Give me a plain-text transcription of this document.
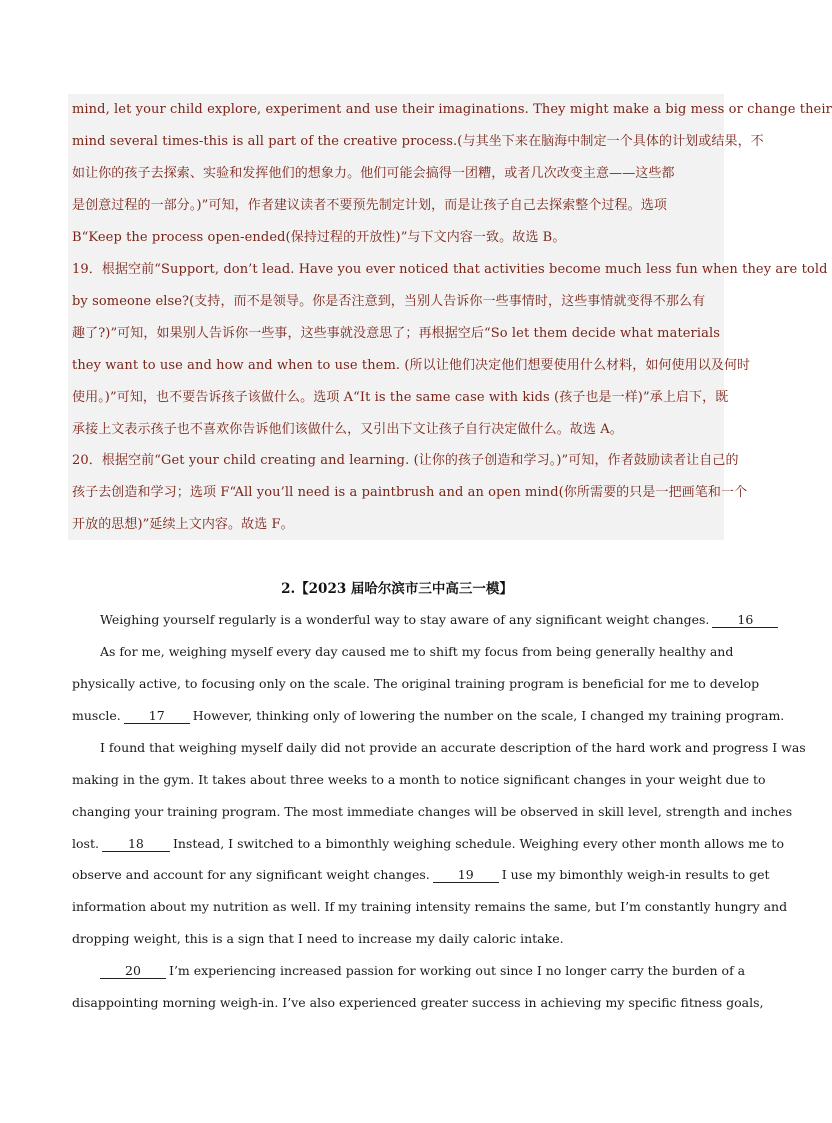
mind, let your child explore, experiment and use their imaginations. They might make a big mess or change their
mind several times-this is all part of the creative process.(与其坐下来在脑海中制定一个具体的计划或结果，不
如让你的孩子去探索、实验和发挥他们的想象力。他们可能会搞得一团糟，或者几次改变主意——这些都
是创意过程的一部分。)”可知，作者建议读者不要预先制定计划，而是让孩子自己去探索整个过程。选项
B“Keep the process open-ended(保持过程的开放性)”与下文内容一致。故选 B。
19．根据空前“Support, don’t lead. Have you ever noticed that activities become much less fun when they are told
by someone else?(支持，而不是领导。你是否注意到，当别人告诉你一些事情时，这些事情就变得不那么有
趣了?)”可知，如果别人告诉你一些事，这些事就没意思了；再根据空后“So let them decide what materials
they want to use and how and when to use them. (所以让他们决定他们想要使用什么材料，如何使用以及何时
使用。)”可知，也不要告诉孩子该做什么。选项 A“It is the same case with kids (孩子也是一样)”承上启下，既
承接上文表示孩子也不喜欢你告诉他们该做什么，又引出下文让孩子自行决定做什么。故选 A。
20．根据空前“Get your child creating and learning. (让你的孩子创造和学习。)”可知，作者鼓励读者让自己的
孩子去创造和学习；选项 F“All you’ll need is a paintbrush and an open mind(你所需要的只是一把画笔和一个
开放的思想)”延续上文内容。故选 F。
2.【2023 届哈尔滨市三中高三一模】
Weighing yourself regularly is a wonderful way to stay aware of any significant weight changes. 16
As for me, weighing myself every day caused me to shift my focus from being generally healthy and
physically active, to focusing only on the scale. The original training program is beneficial for me to develop
muscle. 17 However, thinking only of lowering the number on the scale, I changed my training program.
I found that weighing myself daily did not provide an accurate description of the hard work and progress I was
making in the gym. It takes about three weeks to a month to notice significant changes in your weight due to
changing your training program. The most immediate changes will be observed in skill level, strength and inches
lost. 18 Instead, I switched to a bimonthly weighing schedule. Weighing every other month allows me to
observe and account for any significant weight changes. 19 I use my bimonthly weigh-in results to get
information about my nutrition as well. If my training intensity remains the same, but I’m constantly hungry and
dropping weight, this is a sign that I need to increase my daily caloric intake.
20 I’m experiencing increased passion for working out since I no longer carry the burden of a
disappointing morning weigh-in. I’ve also experienced greater success in achieving my specific fitness goals,
